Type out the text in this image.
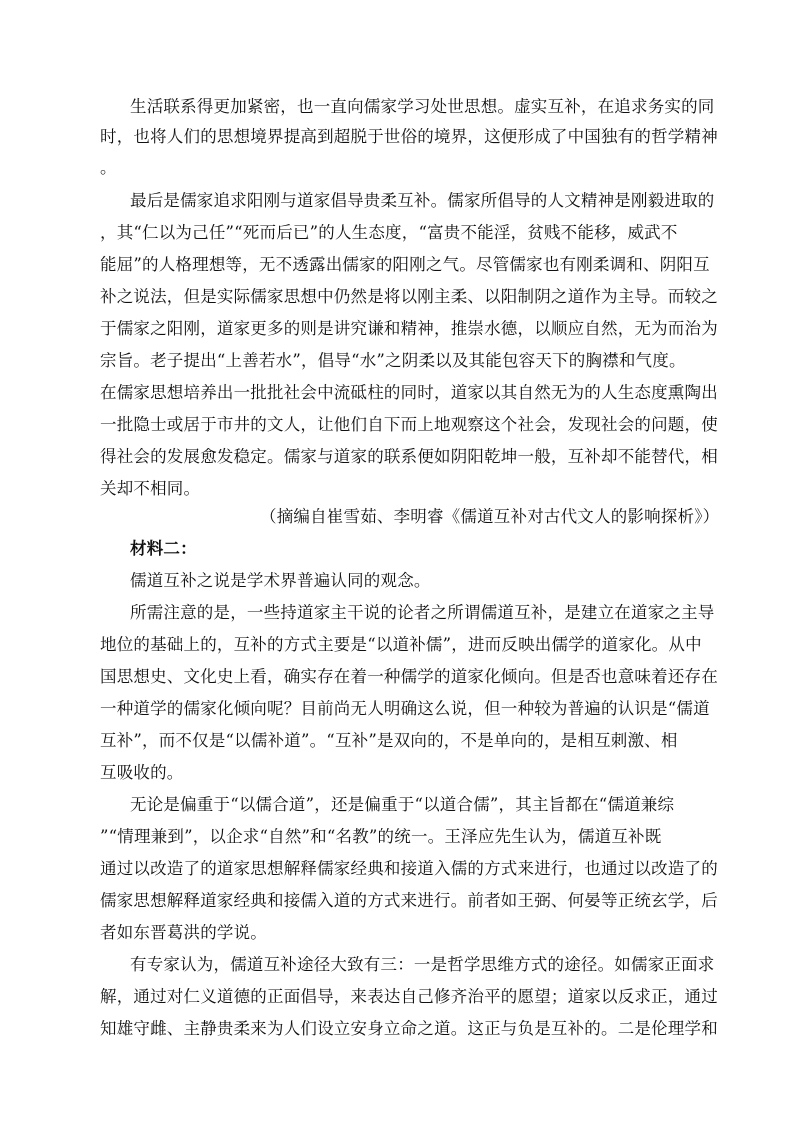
生活联系得更加紧密，也一直向儒家学习处世思想。虚实互补，在追求务实的同
时，也将人们的思想境界提高到超脱于世俗的境界，这便形成了中国独有的哲学精神
。
最后是儒家追求阳刚与道家倡导贵柔互补。儒家所倡导的人文精神是刚毅进取的
，其“仁以为己任”“死而后已”的人生态度，“富贵不能淫，贫贱不能移，威武不
能屈”的人格理想等，无不透露出儒家的阳刚之气。尽管儒家也有刚柔调和、阴阳互
补之说法，但是实际儒家思想中仍然是将以刚主柔、以阳制阴之道作为主导。而较之
于儒家之阳刚，道家更多的则是讲究谦和精神，推崇水德，以顺应自然，无为而治为
宗旨。老子提出“上善若水”，倡导“水”之阴柔以及其能包容天下的胸襟和气度。
在儒家思想培养出一批批社会中流砥柱的同时，道家以其自然无为的人生态度熏陶出
一批隐士或居于市井的文人，让他们自下而上地观察这个社会，发现社会的问题，使
得社会的发展愈发稳定。儒家与道家的联系便如阴阳乾坤一般，互补却不能替代，相
关却不相同。
（摘编自崔雪茹、李明睿《儒道互补对古代文人的影响探析》）
材料二：
儒道互补之说是学术界普遍认同的观念。
所需注意的是，一些持道家主干说的论者之所谓儒道互补，是建立在道家之主导
地位的基础上的，互补的方式主要是“以道补儒”，进而反映出儒学的道家化。从中
国思想史、文化史上看，确实存在着一种儒学的道家化倾向。但是否也意味着还存在
一种道学的儒家化倾向呢？目前尚无人明确这么说，但一种较为普遍的认识是“儒道
互补”，而不仅是“以儒补道”。“互补”是双向的，不是单向的，是相互刺激、相
互吸收的。
无论是偏重于“以儒合道”，还是偏重于“以道合儒”，其主旨都在“儒道兼综
”“情理兼到”，以企求“自然”和“名教”的统一。王泽应先生认为，儒道互补既
通过以改造了的道家思想解释儒家经典和接道入儒的方式来进行，也通过以改造了的
儒家思想解释道家经典和接儒入道的方式来进行。前者如王弼、何晏等正统玄学，后
者如东晋葛洪的学说。
有专家认为，儒道互补途径大致有三：一是哲学思维方式的途径。如儒家正面求
解，通过对仁义道德的正面倡导，来表达自己修齐治平的愿望；道家以反求正，通过
知雄守雌、主静贵柔来为人们设立安身立命之道。这正与负是互补的。二是伦理学和
